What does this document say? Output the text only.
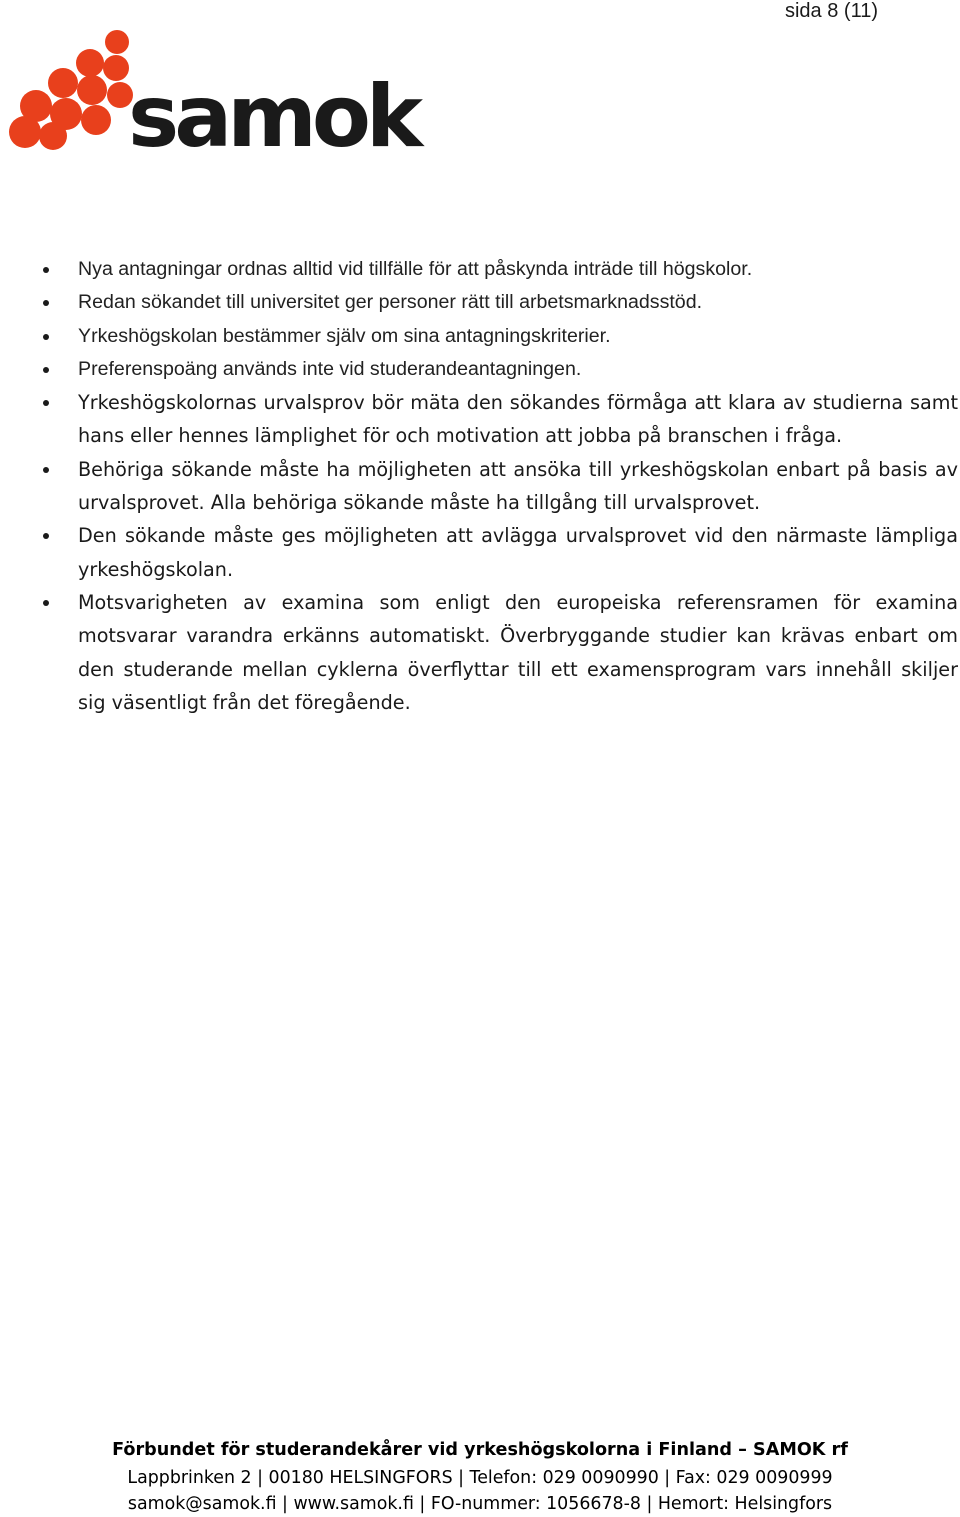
sida 8 (11)
samok
Nya antagningar ordnas alltid vid tillfälle för att påskynda inträde till högskolor.
Redan sökandet till universitet ger personer rätt till arbetsmarknadsstöd.
Yrkeshögskolan bestämmer själv om sina antagningskriterier.
Preferenspoäng används inte vid studerandeantagningen.
Yrkeshögskolornas urvalsprov bör mäta den sökandes förmåga att klara av studierna samt hans eller hennes lämplighet för och motivation att jobba på branschen i fråga.
Behöriga sökande måste ha möjligheten att ansöka till yrkeshögskolan enbart på basis av urvalsprovet. Alla behöriga sökande måste ha tillgång till urvalsprovet.
Den sökande måste ges möjligheten att avlägga urvalsprovet vid den närmaste lämpliga yrkeshögskolan.
Motsvarigheten av examina som enligt den europeiska referensramen för examina motsvarar varandra erkänns automatiskt. Överbryggande studier kan krävas enbart om den studerande mellan cyklerna överflyttar till ett examensprogram vars innehåll skiljer sig väsentligt från det föregående.
Förbundet för studerandekårer vid yrkeshögskolorna i Finland – SAMOK rf
Lappbrinken 2 | 00180 HELSINGFORS | Telefon: 029 0090990 | Fax: 029 0090999
samok@samok.fi | www.samok.fi | FO-nummer: 1056678-8 | Hemort: Helsingfors
